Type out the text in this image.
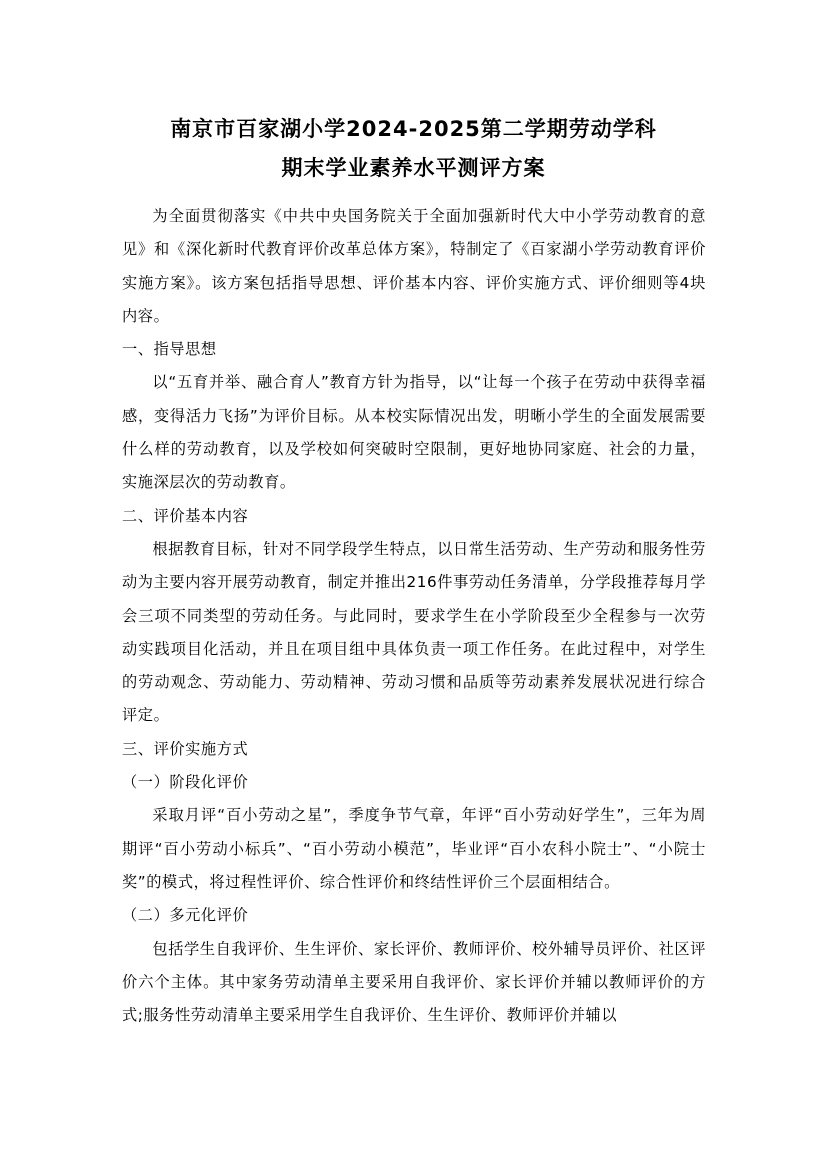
南京市百家湖小学2024-2025第二学期劳动学科
期末学业素养水平测评方案

为全面贯彻落实《中共中央国务院关于全面加强新时代大中小学劳动教育的意见》和《深化新时代教育评价改革总体方案》，特制定了《百家湖小学劳动教育评价实施方案》。该方案包括指导思想、评价基本内容、评价实施方式、评价细则等4块内容。

一、指导思想

以“五育并举、融合育人”教育方针为指导，以“让每一个孩子在劳动中获得幸福感，变得活力飞扬”为评价目标。从本校实际情况出发，明晰小学生的全面发展需要什么样的劳动教育，以及学校如何突破时空限制，更好地协同家庭、社会的力量，实施深层次的劳动教育。

二、评价基本内容

根据教育目标，针对不同学段学生特点，以日常生活劳动、生产劳动和服务性劳动为主要内容开展劳动教育，制定并推出216件事劳动任务清单，分学段推荐每月学会三项不同类型的劳动任务。与此同时，要求学生在小学阶段至少全程参与一次劳动实践项目化活动，并且在项目组中具体负责一项工作任务。在此过程中，对学生的劳动观念、劳动能力、劳动精神、劳动习惯和品质等劳动素养发展状况进行综合评定。

三、评价实施方式

（一）阶段化评价

采取月评“百小劳动之星”，季度争节气章，年评“百小劳动好学生”，三年为周期评“百小劳动小标兵”、“百小劳动小模范”，毕业评“百小农科小院士”、“小院士奖”的模式，将过程性评价、综合性评价和终结性评价三个层面相结合。

（二）多元化评价

包括学生自我评价、生生评价、家长评价、教师评价、校外辅导员评价、社区评价六个主体。其中家务劳动清单主要采用自我评价、家长评价并辅以教师评价的方式;服务性劳动清单主要采用学生自我评价、生生评价、教师评价并辅以
